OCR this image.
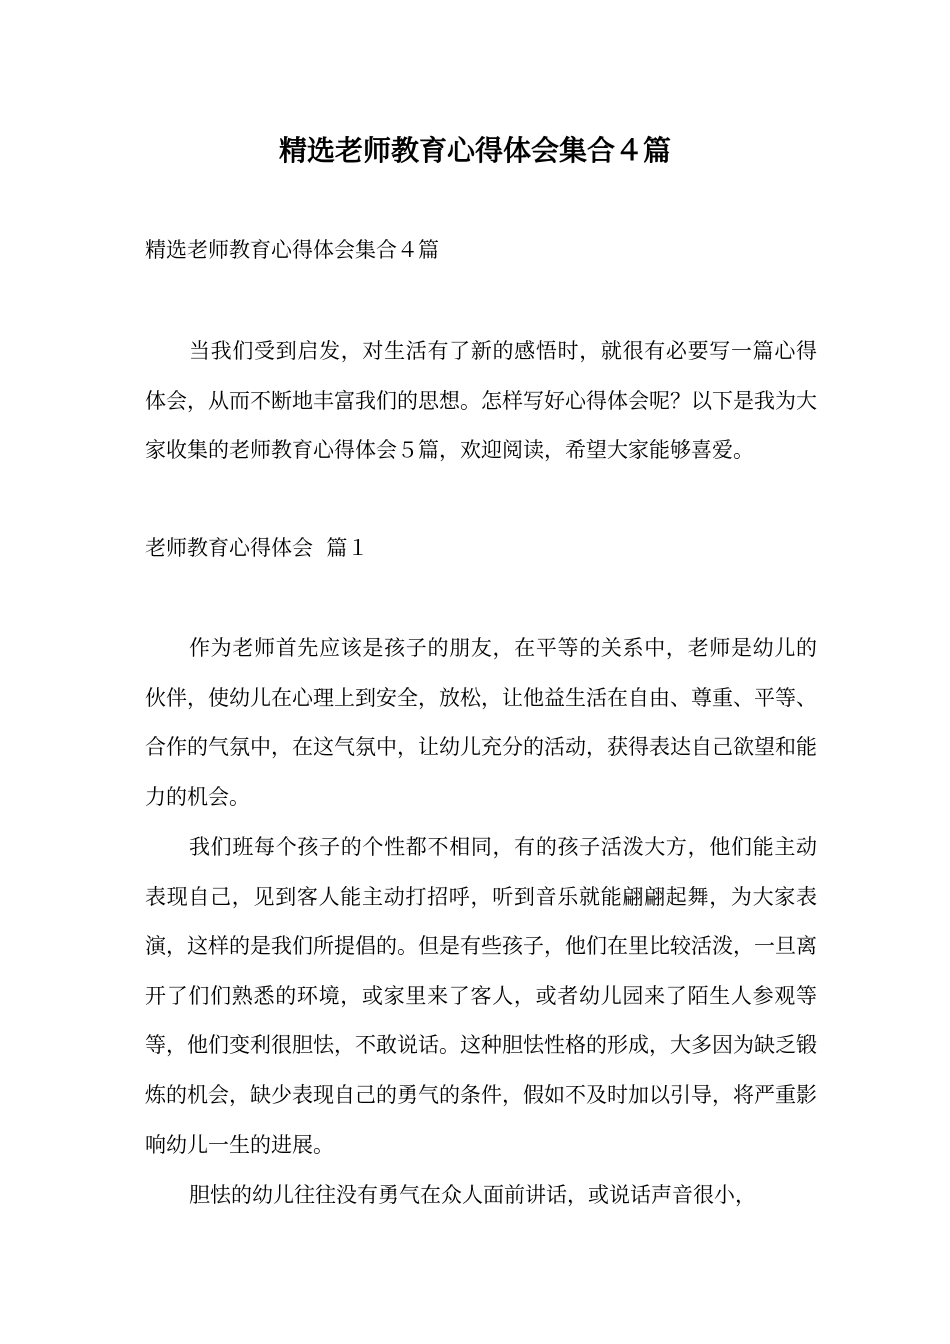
精选老师教育心得体会集合４篇

精选老师教育心得体会集合４篇

当我们受到启发，对生活有了新的感悟时，就很有必要写一篇心得体会，从而不断地丰富我们的思想。怎样写好心得体会呢？以下是我为大家收集的老师教育心得体会５篇，欢迎阅读，希望大家能够喜爱。

老师教育心得体会  篇１

作为老师首先应该是孩子的朋友，在平等的关系中，老师是幼儿的伙伴，使幼儿在心理上到安全，放松，让他益生活在自由、尊重、平等、合作的气氛中，在这气氛中，让幼儿充分的活动，获得表达自己欲望和能力的机会。

我们班每个孩子的个性都不相同，有的孩子活泼大方，他们能主动表现自己，见到客人能主动打招呼，听到音乐就能翩翩起舞，为大家表演，这样的是我们所提倡的。但是有些孩子，他们在里比较活泼，一旦离开了们们熟悉的环境，或家里来了客人，或者幼儿园来了陌生人参观等等，他们变利很胆怯，不敢说话。这种胆怯性格的形成，大多因为缺乏锻炼的机会，缺少表现自己的勇气的条件，假如不及时加以引导，将严重影响幼儿一生的进展。

胆怯的幼儿往往没有勇气在众人面前讲话，或说话声音很小，
